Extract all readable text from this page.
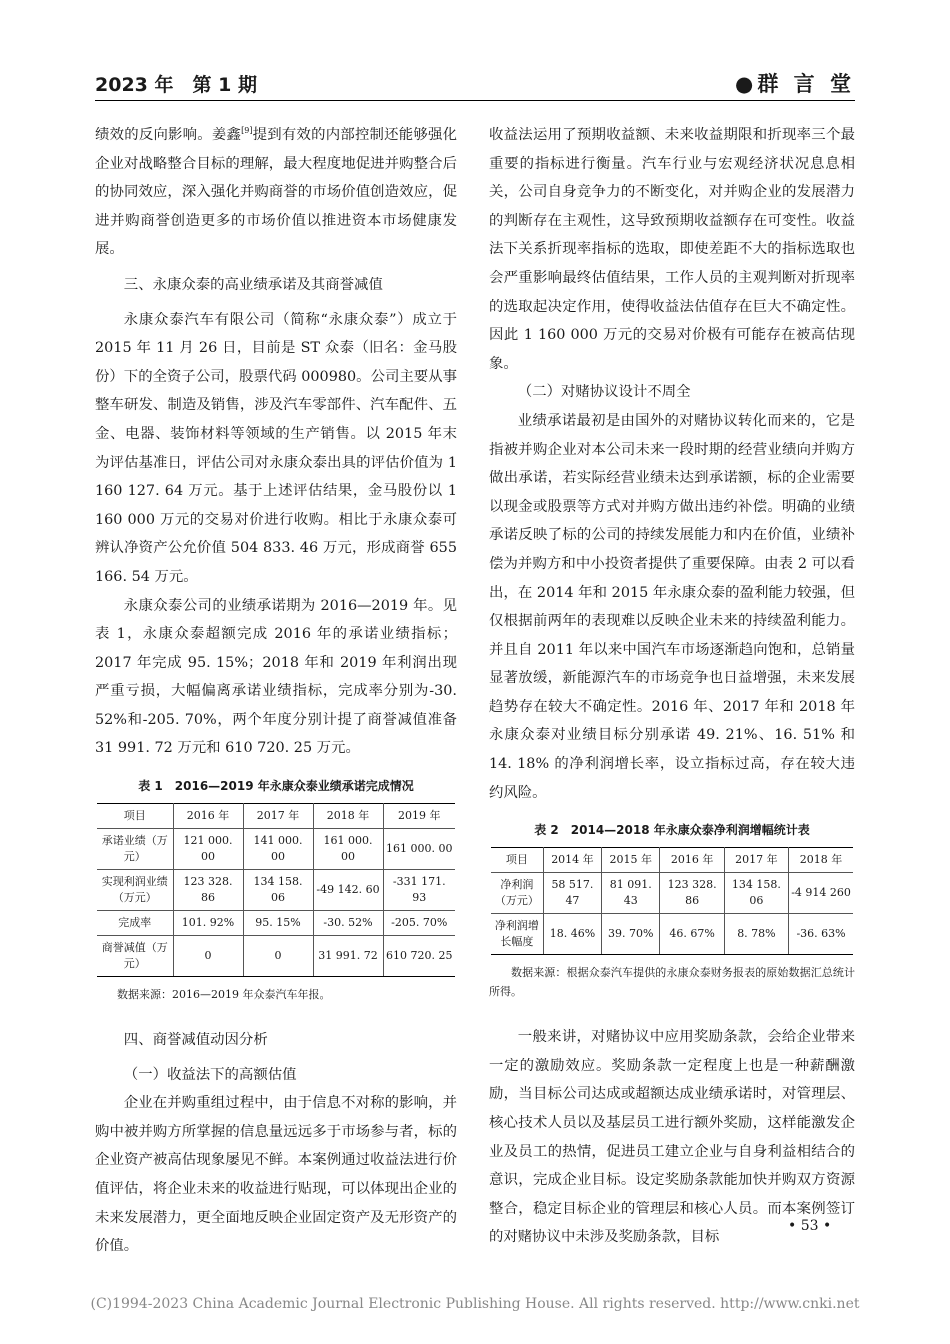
2023 年　第 1 期	●群 言 堂

绩效的反向影响。姜鑫[9]提到有效的内部控制还能够强化企业对战略整合目标的理解，最大程度地促进并购整合后的协同效应，深入强化并购商誉的市场价值创造效应，促进并购商誉创造更多的市场价值以推进资本市场健康发展。

三、永康众泰的高业绩承诺及其商誉减值

永康众泰汽车有限公司（简称“永康众泰”）成立于 2015 年 11 月 26 日，目前是 ST 众泰（旧名：金马股份）下的全资子公司，股票代码 000980。公司主要从事整车研发、制造及销售，涉及汽车零部件、汽车配件、五金、电器、装饰材料等领域的生产销售。以 2015 年末为评估基准日，评估公司对永康众泰出具的评估价值为 1 160 127. 64 万元。基于上述评估结果，金马股份以 1 160 000 万元的交易对价进行收购。相比于永康众泰可辨认净资产公允价值 504 833. 46 万元，形成商誉 655 166. 54 万元。

永康众泰公司的业绩承诺期为 2016—2019 年。见表 1，永康众泰超额完成 2016 年的承诺业绩指标；2017 年完成 95. 15%；2018 年和 2019 年利润出现严重亏损，大幅偏离承诺业绩指标，完成率分别为-30. 52%和-205. 70%，两个年度分别计提了商誉减值准备 31 991. 72 万元和 610 720. 25 万元。

表 1　 2016—2019 年永康众泰业绩承诺完成情况
项目	2016 年	2017 年	2018 年	2019 年
承诺业绩（万元）	121 000. 00	141 000. 00	161 000. 00	161 000. 00
实现利润业绩（万元）	123 328. 86	134 158. 06	-49 142. 60	-331 171. 93
完成率	101. 92%	95. 15%	-30. 52%	-205. 70%
商誉减值（万元）	0	0	31 991. 72	610 720. 25

数据来源：2016—2019 年众泰汽车年报。

四、商誉减值动因分析

（一）收益法下的高额估值

企业在并购重组过程中，由于信息不对称的影响，并购中被并购方所掌握的信息量远远多于市场参与者，标的企业资产被高估现象屡见不鲜。本案例通过收益法进行价值评估，将企业未来的收益进行贴现，可以体现出企业的未来发展潜力，更全面地反映企业固定资产及无形资产的价值。

收益法运用了预期收益额、未来收益期限和折现率三个最重要的指标进行衡量。汽车行业与宏观经济状况息息相关，公司自身竞争力的不断变化，对并购企业的发展潜力的判断存在主观性，这导致预期收益额存在可变性。收益法下关系折现率指标的选取，即使差距不大的指标选取也会严重影响最终估值结果，工作人员的主观判断对折现率的选取起决定作用，使得收益法估值存在巨大不确定性。因此 1 160 000 万元的交易对价极有可能存在被高估现象。

（二）对赌协议设计不周全

业绩承诺最初是由国外的对赌协议转化而来的，它是指被并购企业对本公司未来一段时期的经营业绩向并购方做出承诺，若实际经营业绩未达到承诺额，标的企业需要以现金或股票等方式对并购方做出违约补偿。明确的业绩承诺反映了标的公司的持续发展能力和内在价值，业绩补偿为并购方和中小投资者提供了重要保障。由表 2 可以看出，在 2014 年和 2015 年永康众泰的盈利能力较强，但仅根据前两年的表现难以反映企业未来的持续盈利能力。并且自 2011 年以来中国汽车市场逐渐趋向饱和，总销量显著放缓，新能源汽车的市场竞争也日益增强，未来发展趋势存在较大不确定性。2016 年、2017 年和 2018 年永康众泰对业绩目标分别承诺 49. 21%、16. 51% 和 14. 18% 的净利润增长率，设立指标过高，存在较大违约风险。

表 2　 2014—2018 年永康众泰净利润增幅统计表
项目	2014 年	2015 年	2016 年	2017 年	2018 年
净利润（万元）	58 517. 47	81 091. 43	123 328. 86	134 158. 06	-4 914 260
净利润增长幅度	18. 46%	39. 70%	46. 67%	8. 78%	-36. 63%

数据来源：根据众泰汽车提供的永康众泰财务报表的原始数据汇总统计所得。

一般来讲，对赌协议中应用奖励条款，会给企业带来一定的激励效应。奖励条款一定程度上也是一种薪酬激励，当目标公司达成或超额达成业绩承诺时，对管理层、核心技术人员以及基层员工进行额外奖励，这样能激发企业及员工的热情，促进员工建立企业与自身利益相结合的意识，完成企业目标。设定奖励条款能加快并购双方资源整合，稳定目标企业的管理层和核心人员。而本案例签订的对赌协议中未涉及奖励条款，目标

• 53 •
(C)1994-2023 China Academic Journal Electronic Publishing House. All rights reserved. http://www.cnki.net
